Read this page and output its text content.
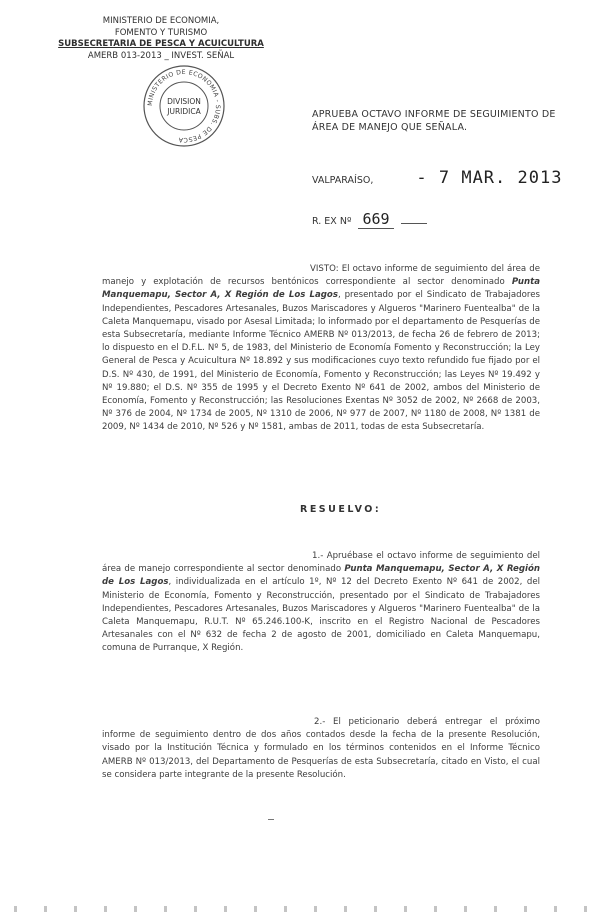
MINISTERIO DE ECONOMIA,
FOMENTO Y TURISMO
SUBSECRETARIA DE PESCA Y ACUICULTURA
AMERB 013-2013 _ INVEST. SEÑAL
MINISTERIO DE ECONOMIA - SUBS. DE PESCA
DIVISION
JURIDICA	APRUEBA OCTAVO INFORME DE SEGUIMIENTO DE
ÁREA DE MANEJO QUE SEÑALA.
VALPARAÍSO,	- 7 MAR. 2013
R. EX Nº 669

VISTO: El octavo informe de seguimiento del área de manejo y explotación de recursos bentónicos correspondiente al sector denominado Punta Manquemapu, Sector A, X Región de Los Lagos, presentado por el Sindicato de Trabajadores Independientes, Pescadores Artesanales, Buzos Mariscadores y Algueros "Marinero Fuentealba" de la Caleta Manquemapu, visado por Asesal Limitada; lo informado por el departamento de Pesquerías de esta Subsecretaría, mediante Informe Técnico AMERB Nº 013/2013, de fecha 26 de febrero de 2013; lo dispuesto en el D.F.L. Nº 5, de 1983, del Ministerio de Economía Fomento y Reconstrucción; la Ley General de Pesca y Acuicultura Nº 18.892 y sus modificaciones cuyo texto refundido fue fijado por el D.S. Nº 430, de 1991, del Ministerio de Economía, Fomento y Reconstrucción; las Leyes Nº 19.492 y Nº 19.880; el D.S. Nº 355 de 1995 y el Decreto Exento Nº 641 de 2002, ambos del Ministerio de Economía, Fomento y Reconstrucción; las Resoluciones Exentas Nº 3052 de 2002, Nº 2668 de 2003, Nº 376 de 2004, Nº 1734 de 2005, Nº 1310 de 2006, Nº 977 de 2007, Nº 1180 de 2008, Nº 1381 de 2009, Nº 1434 de 2010, Nº 526 y Nº 1581, ambas de 2011, todas de esta Subsecretaría.

RESUELVO:

1.- Apruébase el octavo informe de seguimiento del área de manejo correspondiente al sector denominado Punta Manquemapu, Sector A, X Región de Los Lagos, individualizada en el artículo 1º, Nº 12 del Decreto Exento Nº 641 de 2002, del Ministerio de Economía, Fomento y Reconstrucción, presentado por el Sindicato de Trabajadores Independientes, Pescadores Artesanales, Buzos Mariscadores y Algueros "Marinero Fuentealba" de la Caleta Manquemapu, R.U.T. Nº 65.246.100-K, inscrito en el Registro Nacional de Pescadores Artesanales con el Nº 632 de fecha 2 de agosto de 2001, domiciliado en Caleta Manquemapu, comuna de Purranque, X Región.

2.- El peticionario deberá entregar el próximo informe de seguimiento dentro de dos años contados desde la fecha de la presente Resolución, visado por la Institución Técnica y formulado en los términos contenidos en el Informe Técnico AMERB Nº 013/2013, del Departamento de Pesquerías de esta Subsecretaría, citado en Visto, el cual se considera parte integrante de la presente Resolución.
